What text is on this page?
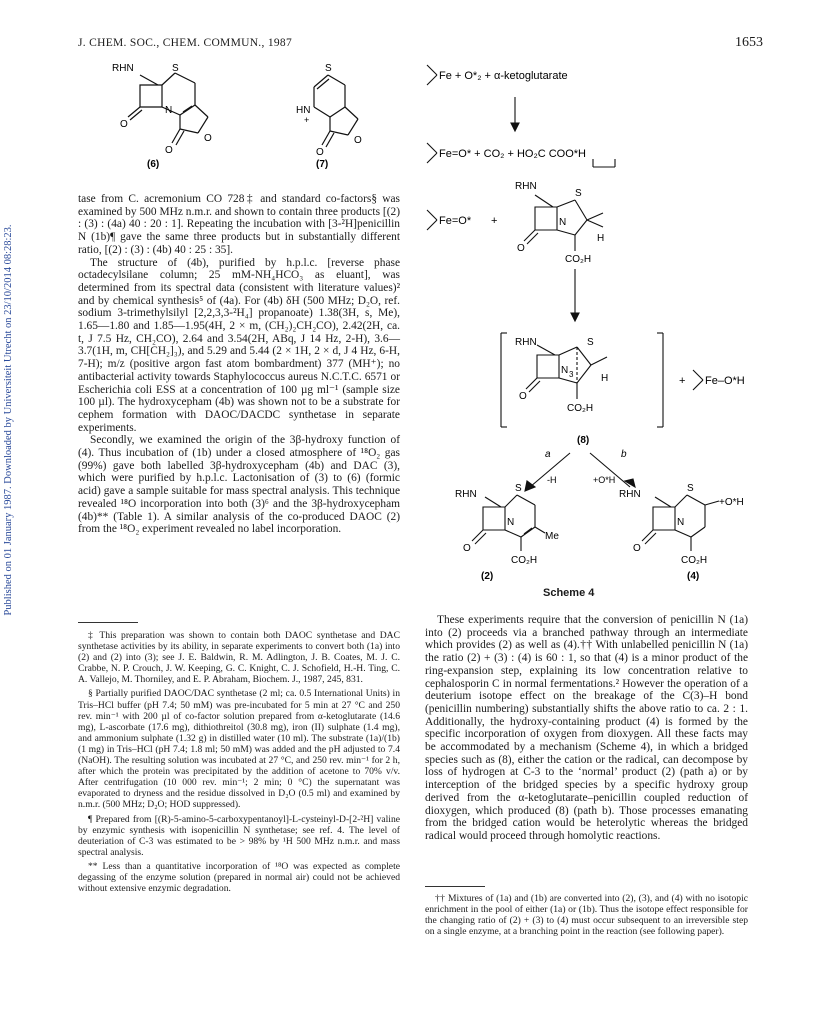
J. CHEM. SOC., CHEM. COMMUN., 1987	1653
Published on 01 January 1987. Downloaded by Universiteit Utrecht on 23/10/2014 08:28:23.
RHN	S
N
O
O
O
(6)
S
HN
+
O
O
(7)
Fe + O*₂ + α-ketoglutarate
Fe=O* + CO₂ + HO₂C COO*H
Fe=O* +
RHN
S
N
O
H
CO₂H
RHN	S
N 3
O
H
CO₂H
(8)
+ Fe–O*H
a	b
-H	+O*H
RHN
S
N
O
Me
CO₂H
(2)
RHN
S
N
O
+O*H
CO₂H
(4)
Scheme 4

tase from C. acremonium CO 728‡ and standard co-factors§ was examined by 500 MHz n.m.r. and shown to contain three products [(2) : (3) : (4a) 40 : 20 : 1]. Repeating the incubation with [3-²H]penicillin N (1b)¶ gave the same three products but in substantially different ratio, [(2) : (3) : (4b) 40 : 25 : 35].

The structure of (4b), purified by h.p.l.c. [reverse phase octadecylsilane column; 25 mM-NH₄HCO₃ as eluant], was determined from its spectral data (consistent with literature values)² and by chemical synthesis⁵ of (4a). For (4b) δH (500 MHz; D₂O, ref. sodium 3-trimethylsilyl [2,2,3,3-²H₄] propanoate) 1.38(3H, s, Me), 1.65—1.80 and 1.85—1.95(4H, 2 × m, (CH₂)₂CH₂CO), 2.42(2H, ca. t, J 7.5 Hz, CH₂CO), 2.64 and 3.54(2H, ABq, J 14 Hz, 2-H), 3.6—3.7(1H, m, CH[CH₂]₃), and 5.29 and 5.44 (2 × 1H, 2 × d, J 4 Hz, 6-H, 7-H); m/z (positive argon fast atom bombardment) 377 (MH⁺); no antibacterial activity towards Staphylococcus aureus N.C.T.C. 6571 or Escherichia coli ESS at a concentration of 100 µg ml⁻¹ (sample size 100 µl). The hydroxycepham (4b) was shown not to be a substrate for cephem formation with DAOC/DACDC synthetase in separate experiments.

Secondly, we examined the origin of the 3β-hydroxy function of (4). Thus incubation of (1b) under a closed atmosphere of ¹⁸O₂ gas (99%) gave both labelled 3β-hydroxycepham (4b) and DAC (3), which were purified by h.p.l.c. Lactonisation of (3) to (6) (formic acid) gave a sample suitable for mass spectral analysis. This technique revealed ¹⁸O incorporation into both (3)⁶ and the 3β-hydroxycepham (4b)** (Table 1). A similar analysis of the co-produced DAOC (2) from the ¹⁸O₂ experiment revealed no label incorporation.

‡ This preparation was shown to contain both DAOC synthetase and DAC synthetase activities by its ability, in separate experiments to convert both (1a) into (2) and (2) into (3); see J. E. Baldwin, R. M. Adlington, J. B. Coates, M. J. C. Crabbe, N. P. Crouch, J. W. Keeping, G. C. Knight, C. J. Schofield, H.-H. Ting, C. A. Vallejo, M. Thorniley, and E. P. Abraham, Biochem. J., 1987, 245, 831.

§ Partially purified DAOC/DAC synthetase (2 ml; ca. 0.5 International Units) in Tris–HCl buffer (pH 7.4; 50 mM) was pre-incubated for 5 min at 27 °C and 250 rev. min⁻¹ with 200 µl of co-factor solution prepared from α-ketoglutarate (14.6 mg), L-ascorbate (17.6 mg), dithiothreitol (30.8 mg), iron (II) sulphate (1.4 mg), and ammonium sulphate (1.32 g) in distilled water (10 ml). The substrate (1a)/(1b) (1 mg) in Tris–HCl (pH 7.4; 1.8 ml; 50 mM) was added and the pH adjusted to 7.4 (NaOH). The resulting solution was incubated at 27 °C, and 250 rev. min⁻¹ for 2 h, after which the protein was precipitated by the addition of acetone to 70% v/v. After centrifugation (10 000 rev. min⁻¹; 2 min; 0 °C) the supernatant was evaporated to dryness and the residue dissolved in D₂O (0.5 ml) and examined by n.m.r. (500 MHz; D₂O; HOD suppressed).

¶ Prepared from [(R)-5-amino-5-carboxypentanoyl]-L-cysteinyl-D-[2-²H] valine by enzymic synthesis with isopenicillin N synthetase; see ref. 4. The level of deuteriation of C-3 was estimated to be > 98% by ¹H 500 MHz n.m.r. and mass spectral analysis.

** Less than a quantitative incorporation of ¹⁸O was expected as complete degassing of the enzyme solution (prepared in normal air) could not be achieved without extensive enzymic degradation.

These experiments require that the conversion of penicillin N (1a) into (2) proceeds via a branched pathway through an intermediate which provides (2) as well as (4).†† With unlabelled penicillin N (1a) the ratio (2) + (3) : (4) is 60 : 1, so that (4) is a minor product of the ring-expansion step, explaining its low concentration relative to cephalosporin C in normal fermentations.² However the operation of a deuterium isotope effect on the breakage of the C(3)–H bond (penicillin numbering) substantially shifts the above ratio to ca. 2 : 1. Additionally, the hydroxy-containing product (4) is formed by the specific incorporation of oxygen from dioxygen. All these facts may be accommodated by a mechanism (Scheme 4), in which a bridged species such as (8), either the cation or the radical, can decompose by loss of hydrogen at C-3 to the ‘normal’ product (2) (path a) or by interception of the bridged species by a specific hydroxy group derived from the α-ketoglutarate–penicillin coupled reduction of dioxygen, which produced (8) (path b). Those processes emanating from the bridged cation would be heterolytic whereas the bridged radical would proceed through homolytic reactions.

†† Mixtures of (1a) and (1b) are converted into (2), (3), and (4) with no isotopic enrichment in the pool of either (1a) or (1b). Thus the isotope effect responsible for the changing ratio of (2) + (3) to (4) must occur subsequent to an irreversible step on a single enzyme, at a branching point in the reaction (see following paper).
